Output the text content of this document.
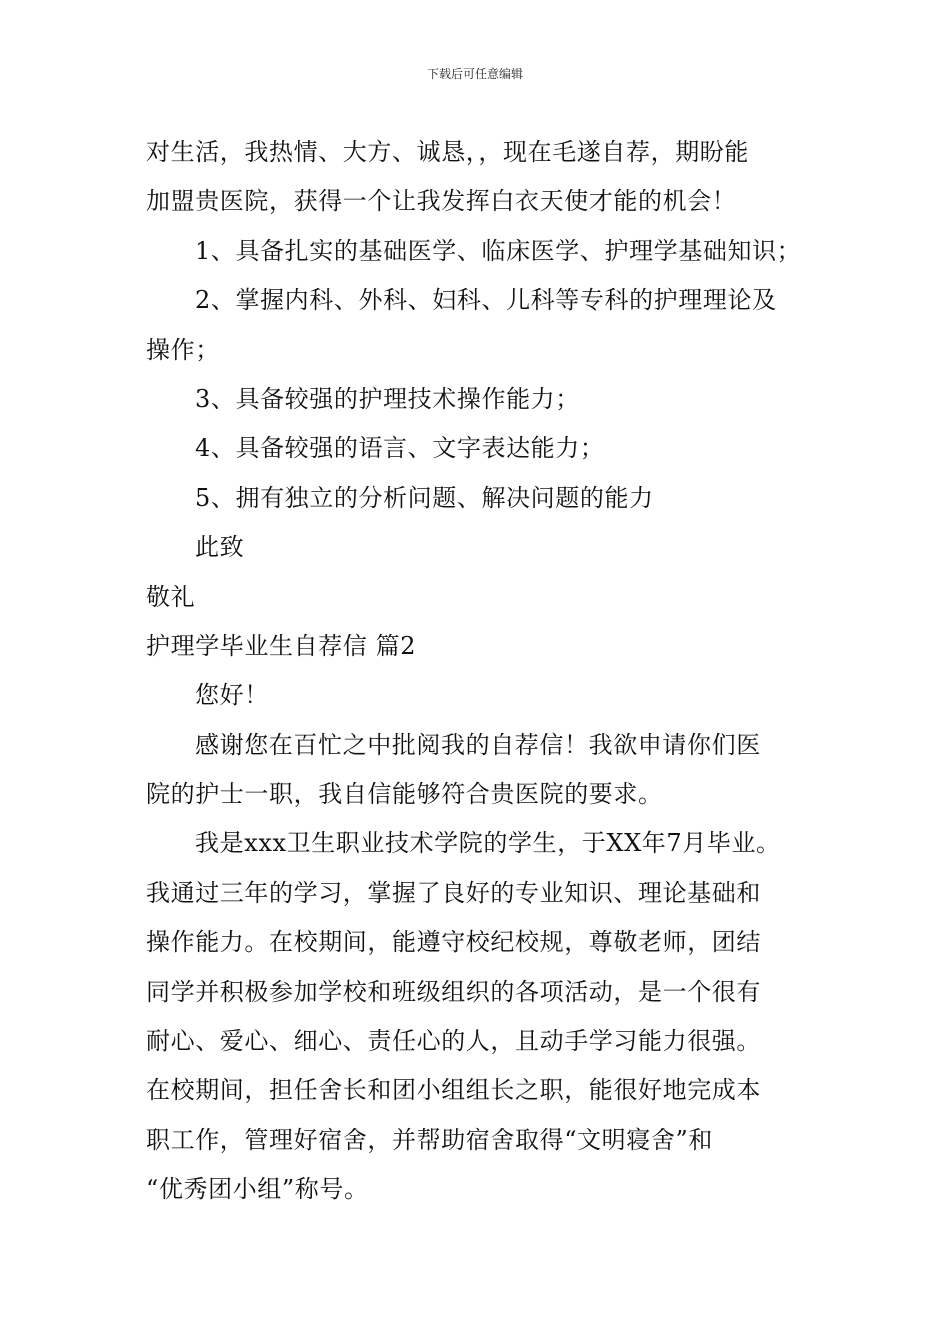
下载后可任意编辑
对生活，我热情、大方、诚恳，，现在毛遂自荐，期盼能
加盟贵医院，获得一个让我发挥白衣天使才能的机会！
1、具备扎实的基础医学、临床医学、护理学基础知识；
2、掌握内科、外科、妇科、儿科等专科的护理理论及
操作；
3、具备较强的护理技术操作能力；
4、具备较强的语言、文字表达能力；
5、拥有独立的分析问题、解决问题的能力
此致
敬礼
护理学毕业生自荐信 篇2
您好！
感谢您在百忙之中批阅我的自荐信！我欲申请你们医
院的护士一职，我自信能够符合贵医院的要求。
我是xxx卫生职业技术学院的学生，于XX年7月毕业。
我通过三年的学习，掌握了良好的专业知识、理论基础和
操作能力。在校期间，能遵守校纪校规，尊敬老师，团结
同学并积极参加学校和班级组织的各项活动，是一个很有
耐心、爱心、细心、责任心的人，且动手学习能力很强。
在校期间，担任舍长和团小组组长之职，能很好地完成本
职工作，管理好宿舍，并帮助宿舍取得“文明寝舍”和
“优秀团小组”称号。
